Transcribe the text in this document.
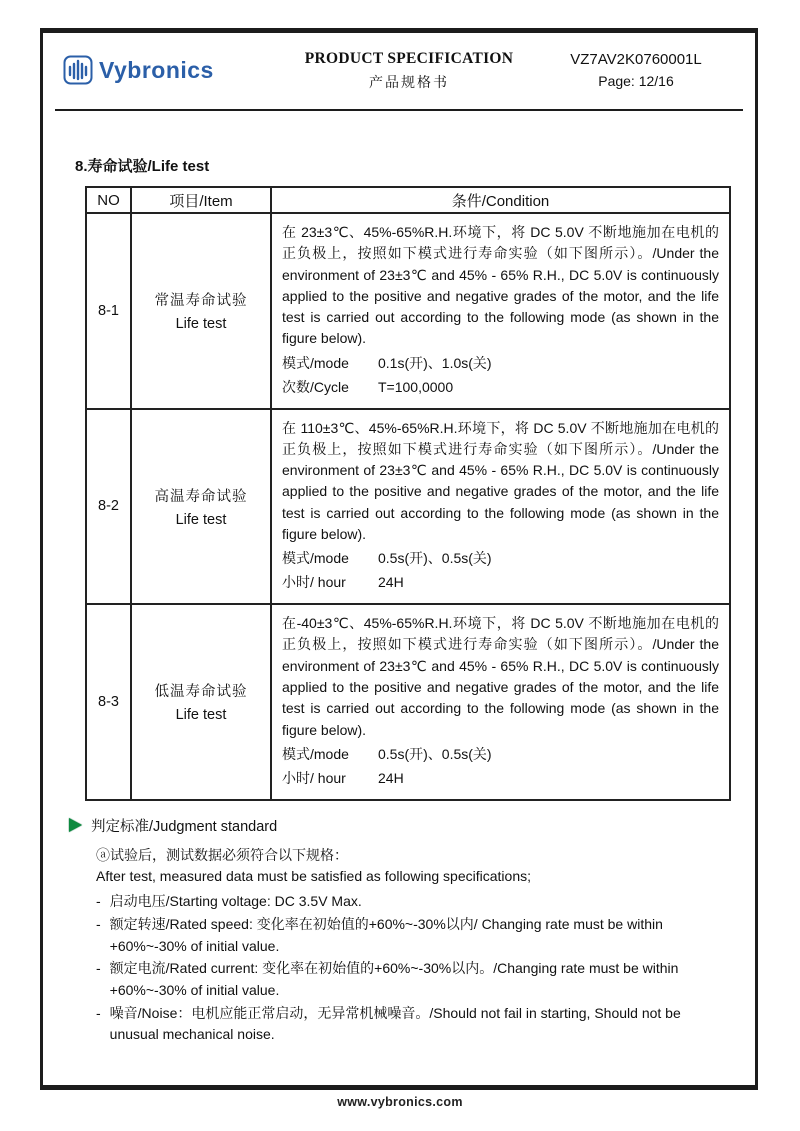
Vybronics	PRODUCT SPECIFICATION
产品规格书
VZ7AV2K0760001L
Page: 12/16
8.寿命试验/Life test
NO	项目/Item	条件/Condition
8-1	
常温寿命试验
Life test

在 23±3℃、45%-65%R.H.环境下，将 DC 5.0V 不断地施加在电机的正负极上，按照如下模式进行寿命实验（如下图所示）。/Under the environment of 23±3℃ and 45% - 65% R.H., DC 5.0V is continuously applied to the positive and negative grades of the motor, and the life test is carried out according to the following mode (as shown in the figure below).

模式/mode	0.1s(开)、1.0s(关)
次数/Cycle	T=100,0000

8-2	
高温寿命试验
Life test

在 110±3℃、45%-65%R.H.环境下，将 DC 5.0V 不断地施加在电机的正负极上，按照如下模式进行寿命实验（如下图所示）。/Under the environment of 23±3℃ and 45% - 65% R.H., DC 5.0V is continuously applied to the positive and negative grades of the motor, and the life test is carried out according to the following mode (as shown in the figure below).

模式/mode	0.5s(开)、0.5s(关)
小时/ hour	24H

8-3	
低温寿命试验
Life test

在-40±3℃、45%-65%R.H.环境下，将 DC 5.0V 不断地施加在电机的正负极上，按照如下模式进行寿命实验（如下图所示）。/Under the environment of 23±3℃ and 45% - 65% R.H., DC 5.0V is continuously applied to the positive and negative grades of the motor, and the life test is carried out according to the following mode (as shown in the figure below).

模式/mode	0.5s(开)、0.5s(关)
小时/ hour	24H
判定标准/Judgment standard

ⓐ试验后，测试数据必须符合以下规格：

After test, measured data must be satisfied as following specifications;

- 启动电压/Starting voltage: DC 3.5V Max.
- 额定转速/Rated speed: 变化率在初始值的+60%~-30%以内/ Changing rate must be within +60%~-30% of initial value.
- 额定电流/Rated current: 变化率在初始值的+60%~-30%以内。/Changing rate must be within +60%~-30% of initial value.
- 噪音/Noise：电机应能正常启动，无异常机械噪音。/Should not fail in starting, Should not be unusual mechanical noise.
www.vybronics.com
